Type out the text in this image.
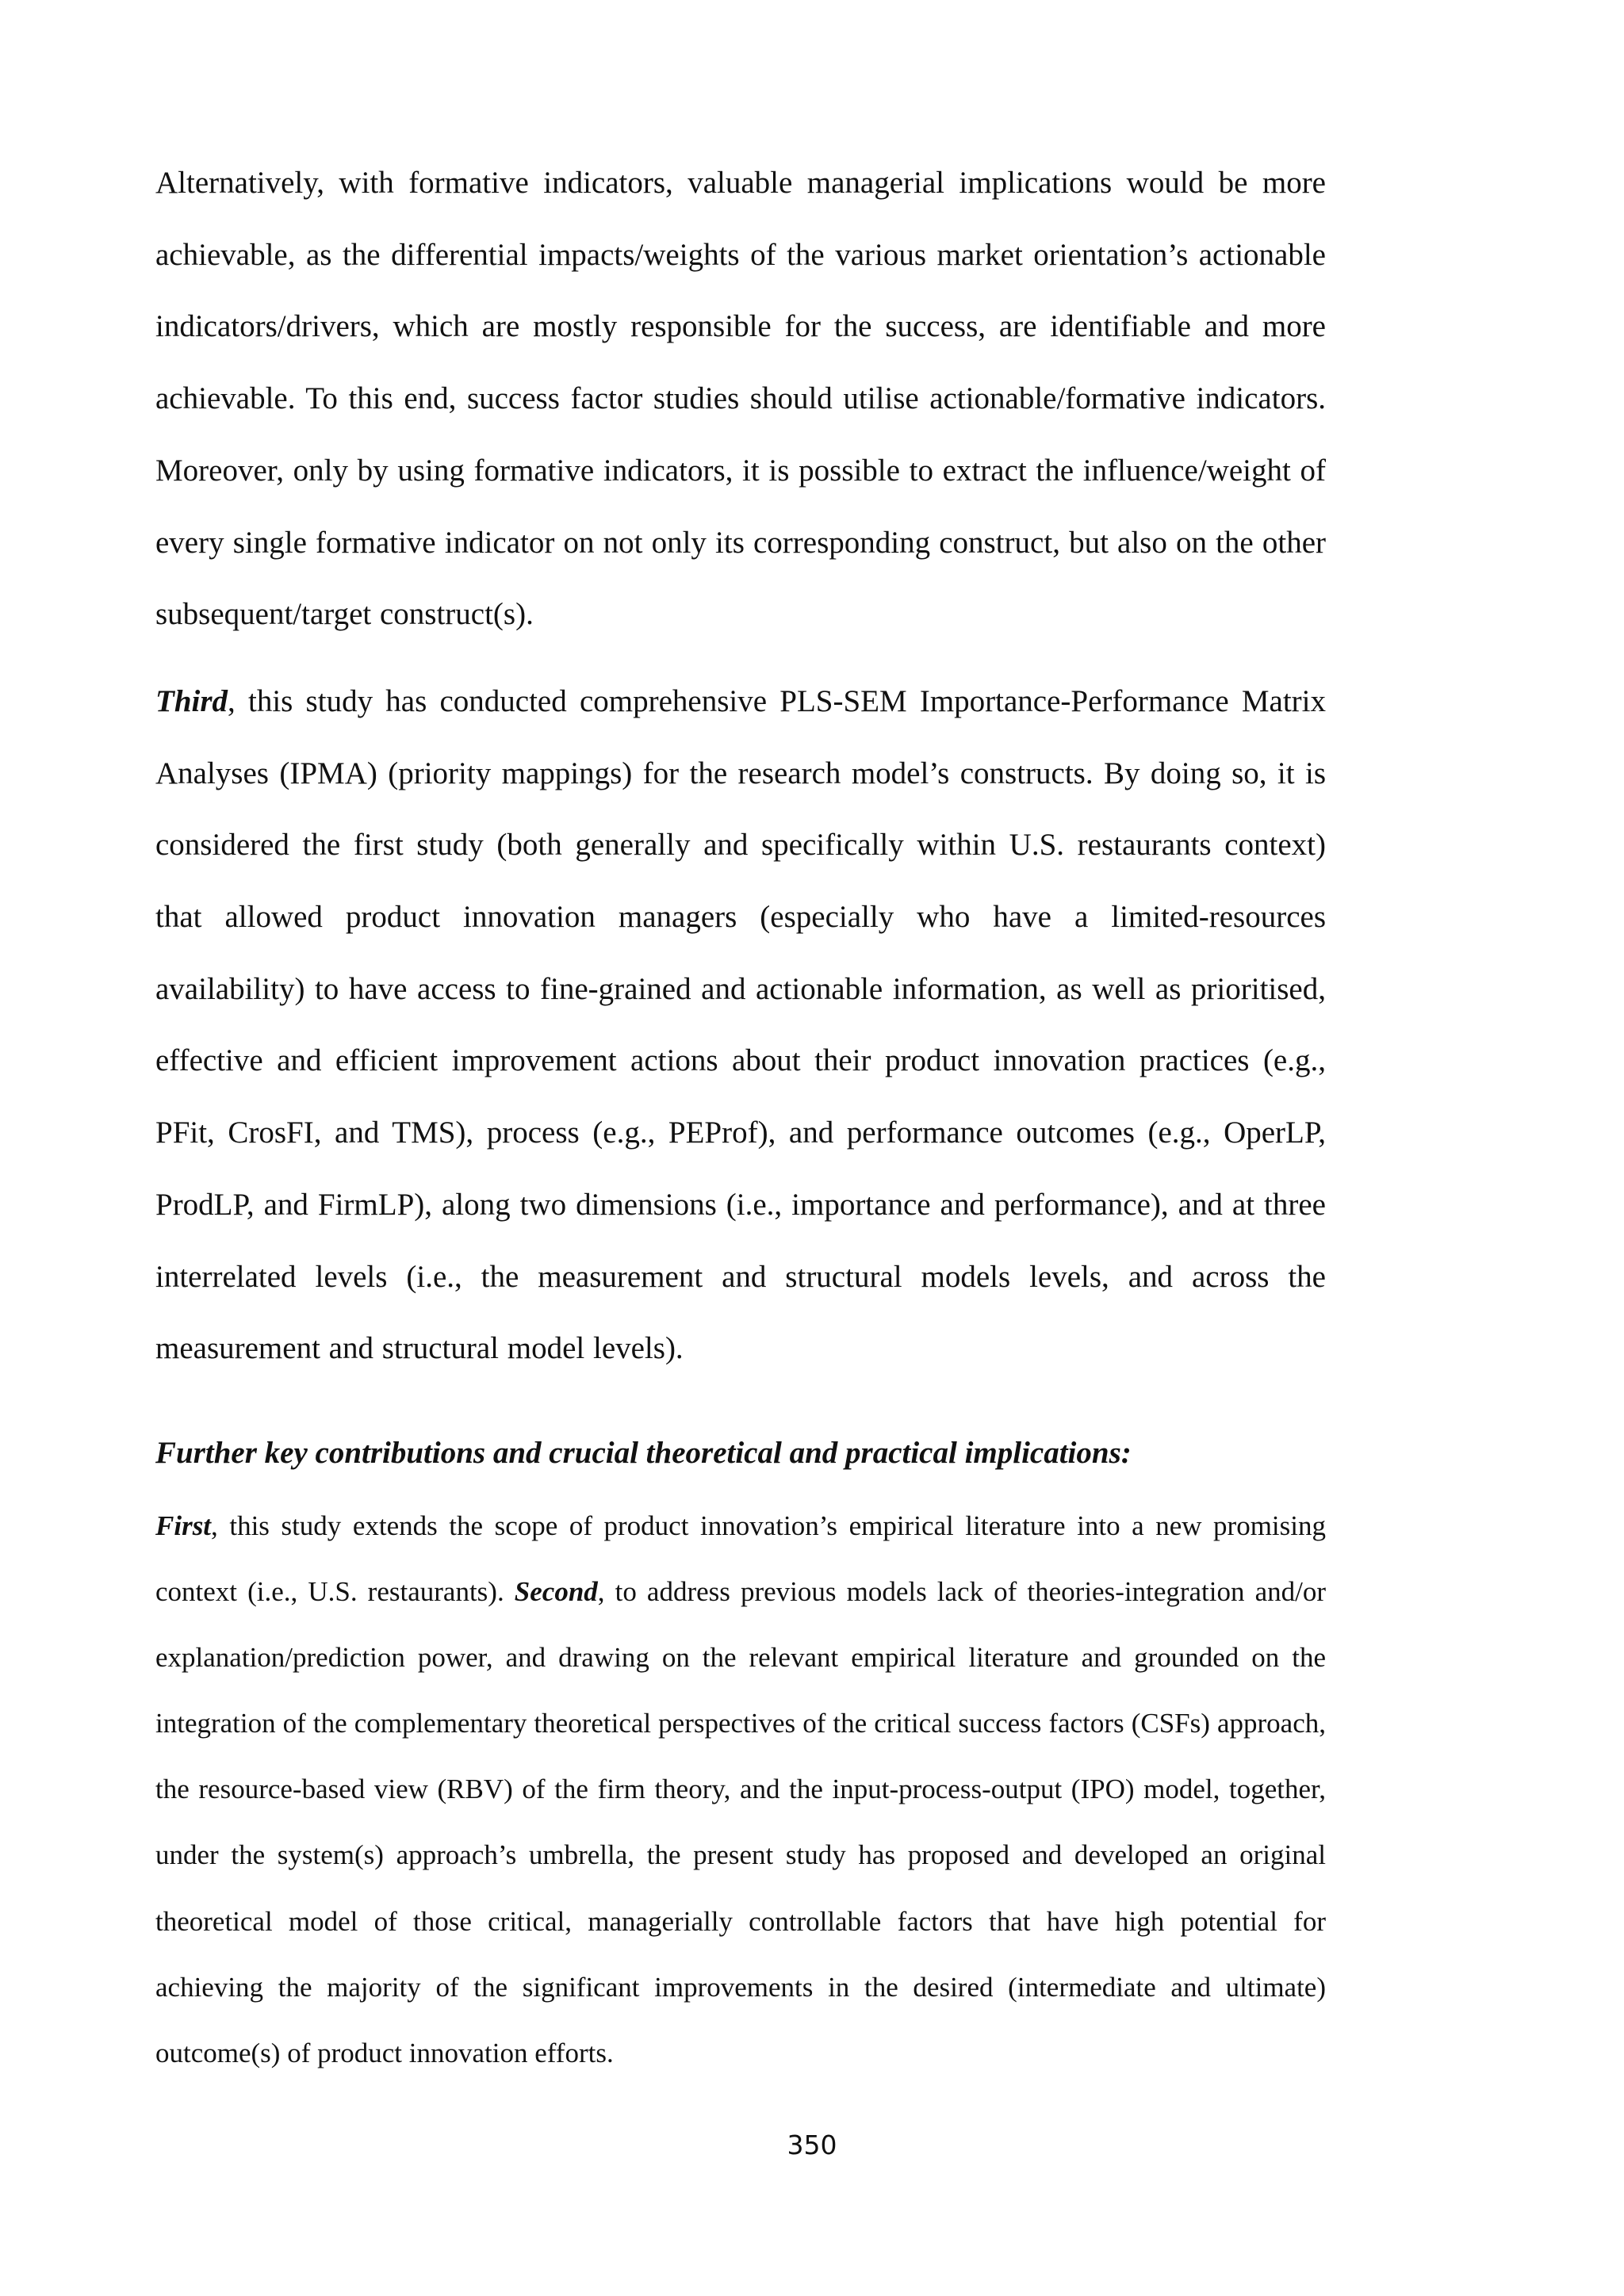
Alternatively, with formative indicators, valuable managerial implications would be more achievable, as the differential impacts/weights of the various market orientation’s actionable indicators/drivers, which are mostly responsible for the success, are identifiable and more achievable. To this end, success factor studies should utilise actionable/formative indicators. Moreover, only by using formative indicators, it is possible to extract the influence/weight of every single formative indicator on not only its corresponding construct, but also on the other subsequent/target construct(s).

Third, this study has conducted comprehensive PLS-SEM Importance-Performance Matrix Analyses (IPMA) (priority mappings) for the research model’s constructs. By doing so, it is considered the first study (both generally and specifically within U.S. restaurants context) that allowed product innovation managers (especially who have a limited-resources availability) to have access to fine-grained and actionable information, as well as prioritised, effective and efficient improvement actions about their product innovation practices (e.g., PFit, CrosFI, and TMS), process (e.g., PEProf), and performance outcomes (e.g., OperLP, ProdLP, and FirmLP), along two dimensions (i.e., importance and performance), and at three interrelated levels (i.e., the measurement and structural models levels, and across the measurement and structural model levels).

Further key contributions and crucial theoretical and practical implications:

First, this study extends the scope of product innovation’s empirical literature into a new promising context (i.e., U.S. restaurants). Second, to address previous models lack of theories-integration and/or explanation/prediction power, and drawing on the relevant empirical literature and grounded on the integration of the complementary theoretical perspectives of the critical success factors (CSFs) approach, the resource-based view (RBV) of the firm theory, and the input-process-output (IPO) model, together, under the system(s) approach’s umbrella, the present study has proposed and developed an original theoretical model of those critical, managerially controllable factors that have high potential for achieving the majority of the significant improvements in the desired (intermediate and ultimate) outcome(s) of product innovation efforts.

350
